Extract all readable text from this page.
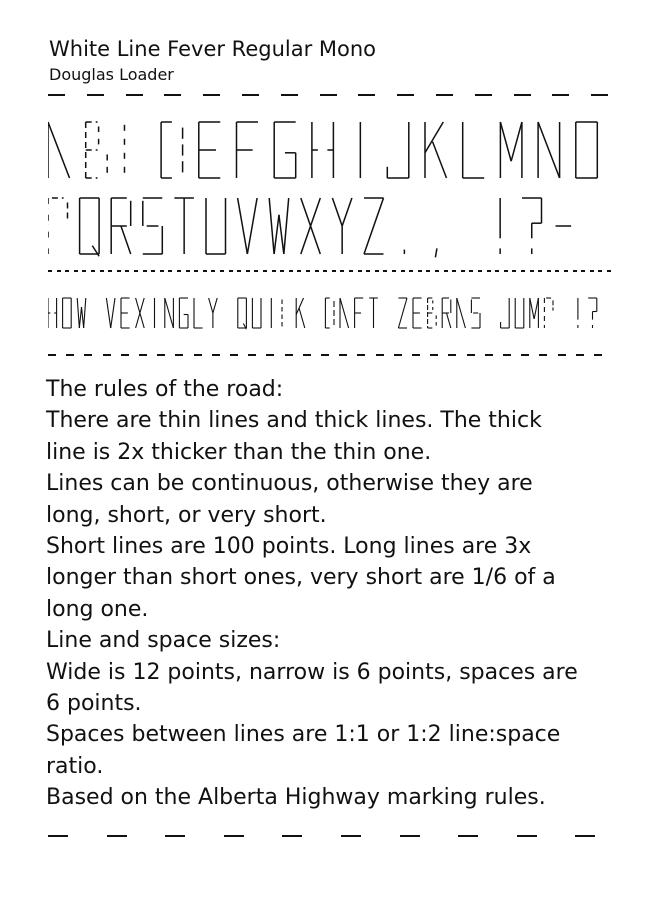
White Line Fever Regular Mono
Douglas Loader

The rules of the road:

There are thin lines and thick lines. The thick line is 2x thicker than the thin one.

Lines can be continuous, otherwise they are long, short, or very short.

Short lines are 100 points. Long lines are 3x longer than short ones, very short are 1/6 of a long one.

Line and space sizes:

Wide is 12 points, narrow is 6 points, spaces are 6 points.

Spaces between lines are 1:1 or 1:2 line:space ratio.

Based on the Alberta Highway marking rules.
